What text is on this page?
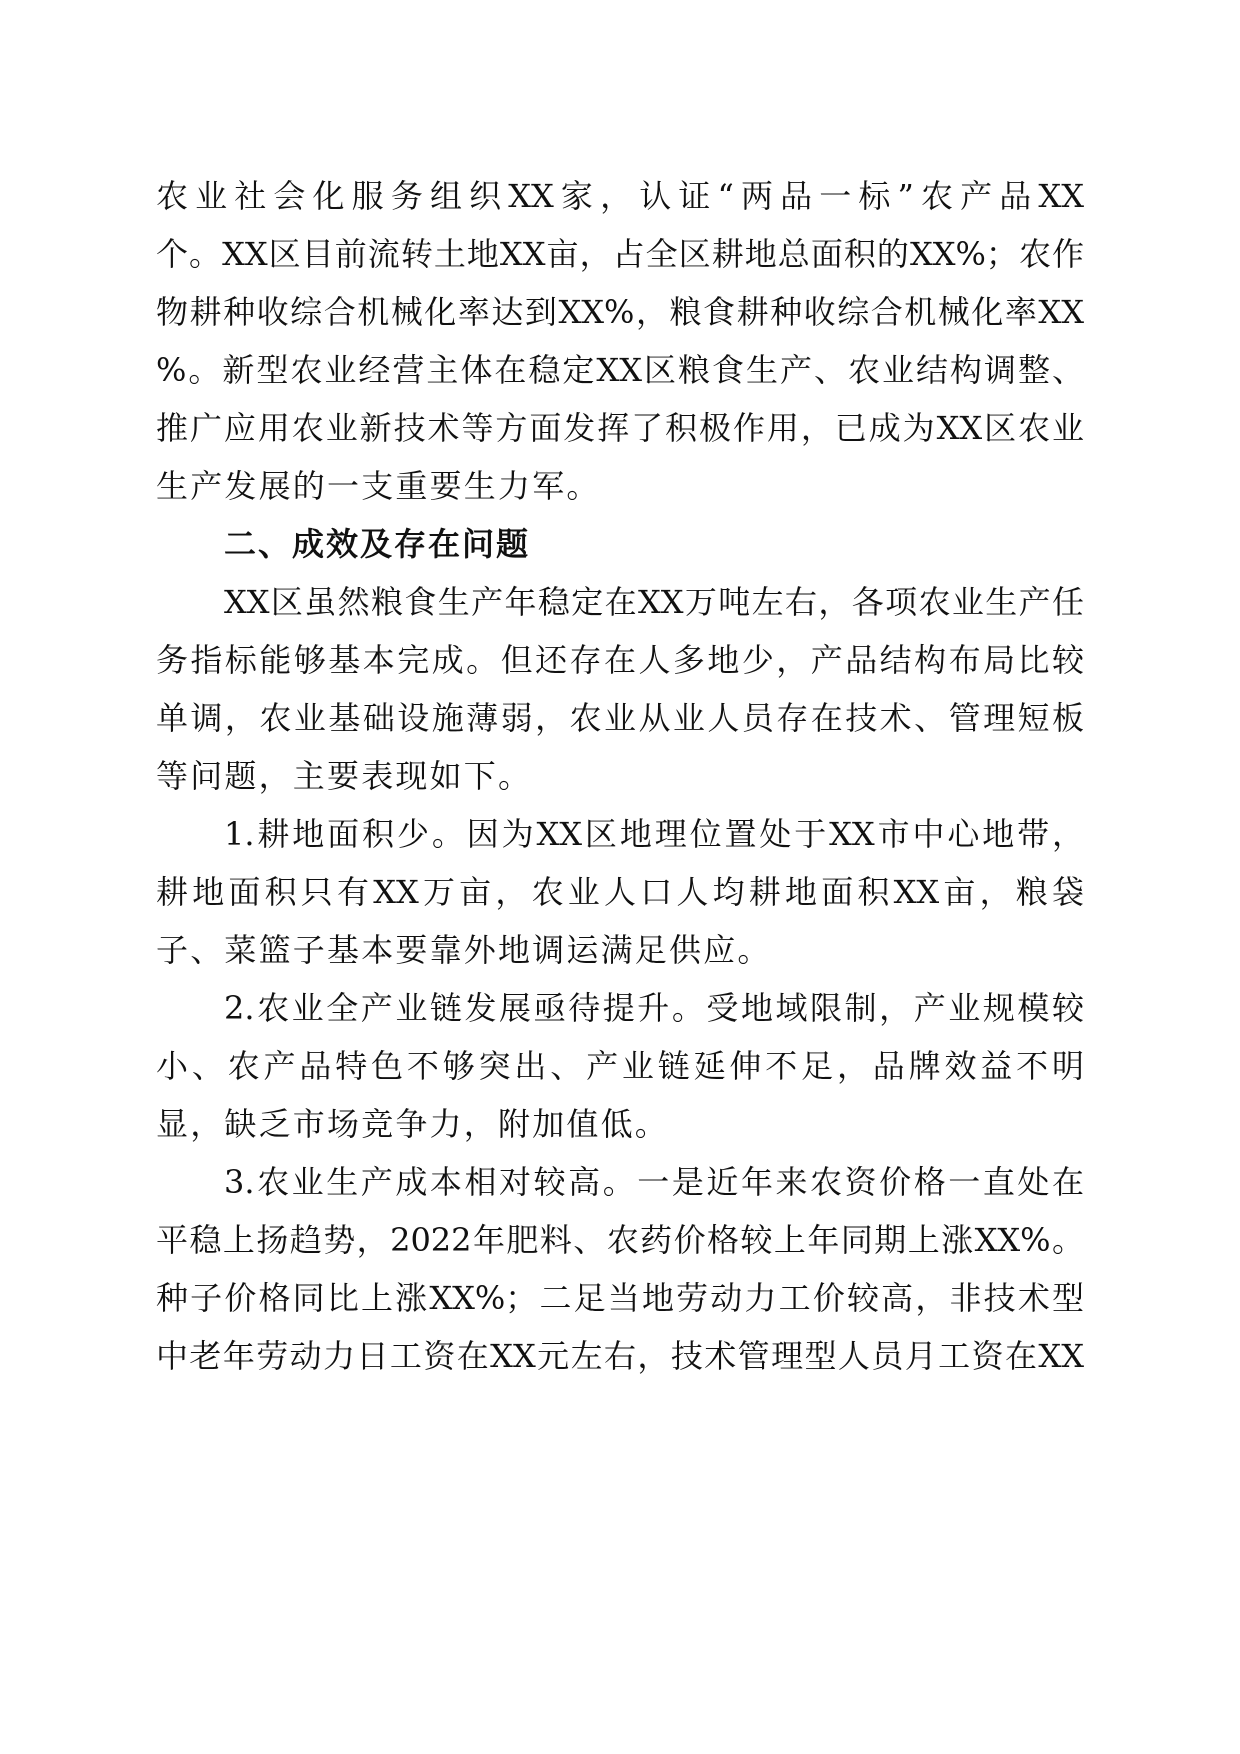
农业社会化服务组织XX家，认证“两品一标”农产品XX
个。XX区目前流转土地XX亩，占全区耕地总面积的XX%；农作
物耕种收综合机械化率达到XX%，粮食耕种收综合机械化率XX
%。新型农业经营主体在稳定XX区粮食生产、农业结构调整、
推广应用农业新技术等方面发挥了积极作用，已成为XX区农业
生产发展的一支重要生力军。
二、成效及存在问题
XX区虽然粮食生产年稳定在XX万吨左右，各项农业生产任
务指标能够基本完成。但还存在人多地少，产品结构布局比较
单调，农业基础设施薄弱，农业从业人员存在技术、管理短板
等问题，主要表现如下。
1.耕地面积少。因为XX区地理位置处于XX市中心地带，
耕地面积只有XX万亩，农业人口人均耕地面积XX亩，粮袋
子、菜篮子基本要靠外地调运满足供应。
2.农业全产业链发展亟待提升。受地域限制，产业规模较
小、农产品特色不够突出、产业链延伸不足，品牌效益不明
显，缺乏市场竞争力，附加值低。
3.农业生产成本相对较高。一是近年来农资价格一直处在
平稳上扬趋势，2022年肥料、农药价格较上年同期上涨XX%。
种子价格同比上涨XX%；二足当地劳动力工价较高，非技术型
中老年劳动力日工资在XX元左右，技术管理型人员月工资在XX
